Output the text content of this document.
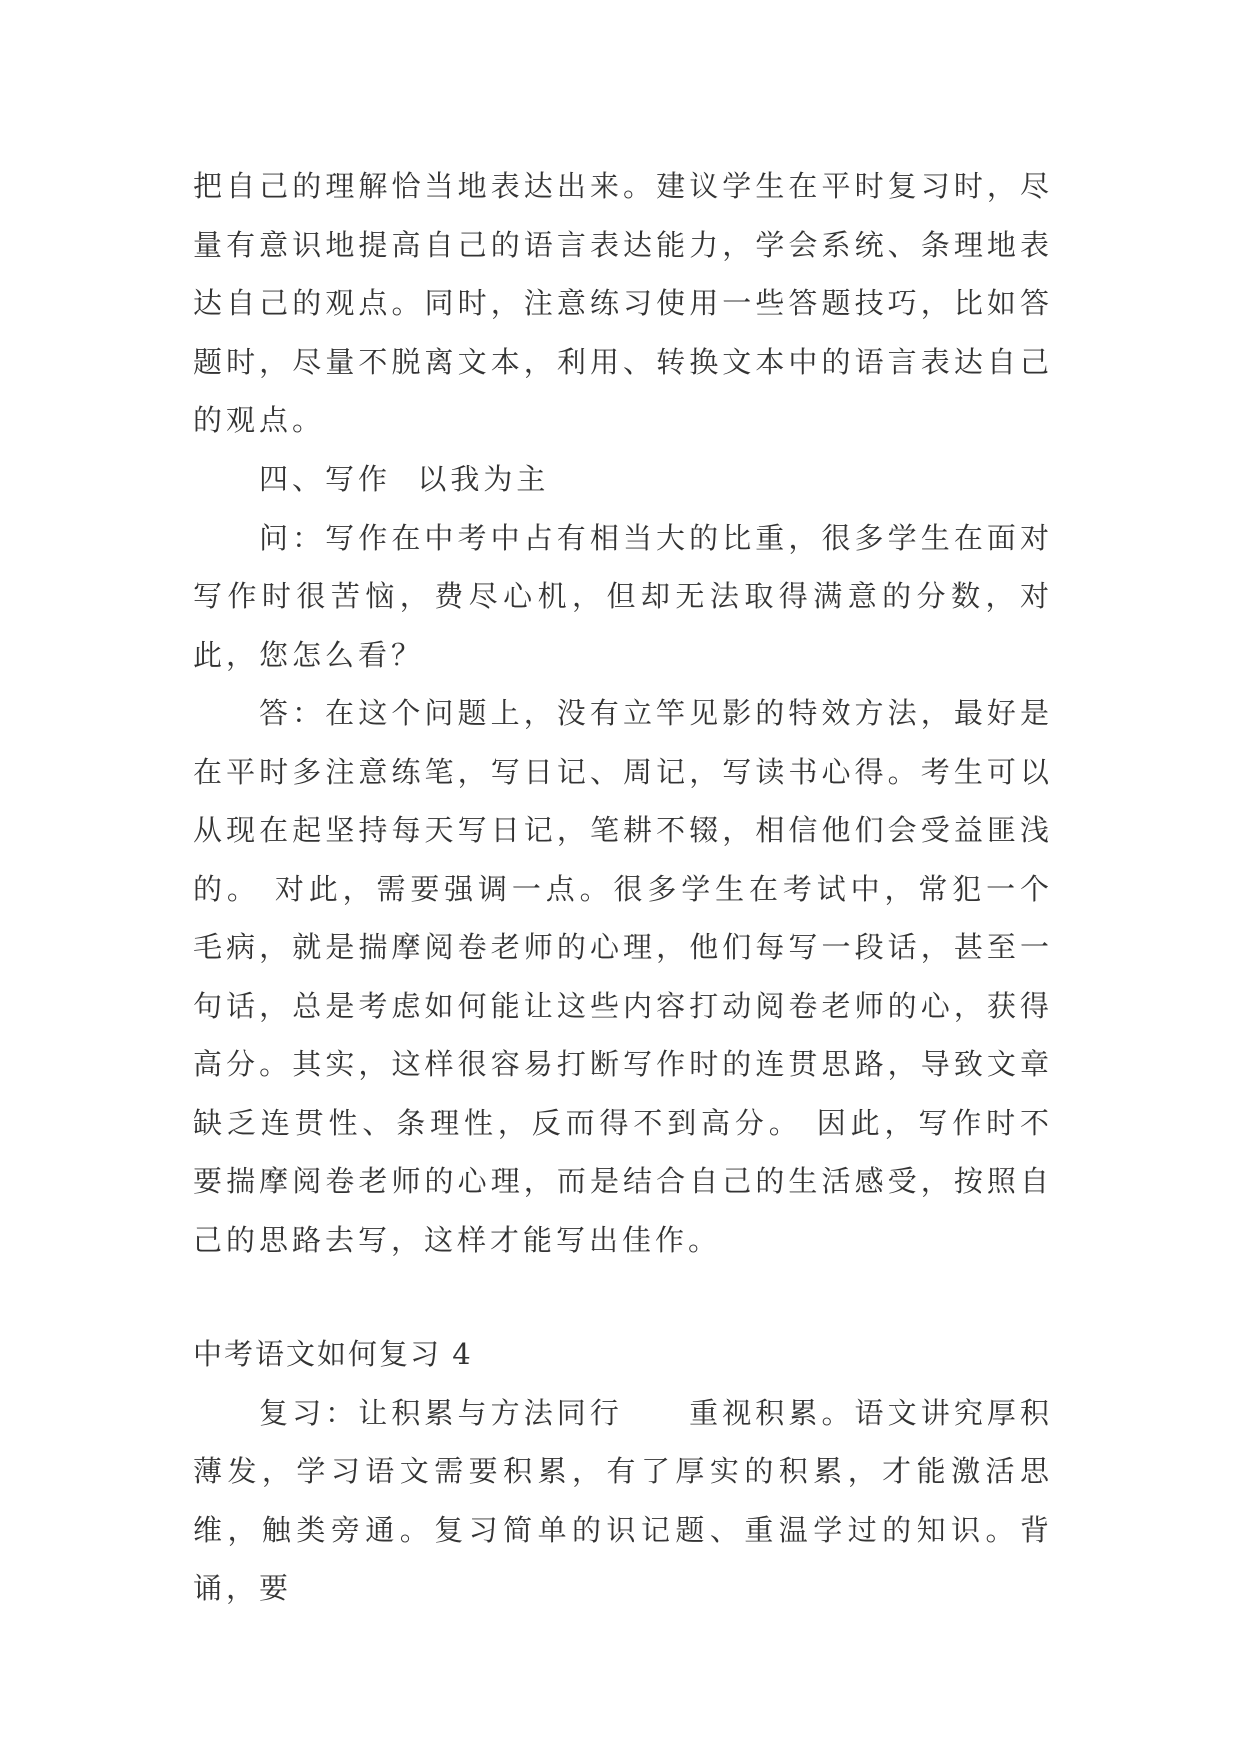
把自己的理解恰当地表达出来。建议学生在平时复习时，尽量有意识地提高自己的语言表达能力，学会系统、条理地表达自己的观点。同时，注意练习使用一些答题技巧，比如答题时，尽量不脱离文本，利用、转换文本中的语言表达自己的观点。

四、写作  以我为主

问：写作在中考中占有相当大的比重，很多学生在面对写作时很苦恼，费尽心机，但却无法取得满意的分数，对此，您怎么看？

答：在这个问题上，没有立竿见影的特效方法，最好是在平时多注意练笔，写日记、周记，写读书心得。考生可以从现在起坚持每天写日记，笔耕不辍，相信他们会受益匪浅的。 对此，需要强调一点。很多学生在考试中，常犯一个毛病，就是揣摩阅卷老师的心理，他们每写一段话，甚至一句话，总是考虑如何能让这些内容打动阅卷老师的心，获得高分。其实，这样很容易打断写作时的连贯思路，导致文章缺乏连贯性、条理性，反而得不到高分。 因此，写作时不要揣摩阅卷老师的心理，而是结合自己的生活感受，按照自己的思路去写，这样才能写出佳作。

中考语文如何复习 4

复习：让积累与方法同行　　重视积累。语文讲究厚积薄发，学习语文需要积累，有了厚实的积累，才能激活思维，触类旁通。复习简单的识记题、重温学过的知识。背诵，要
